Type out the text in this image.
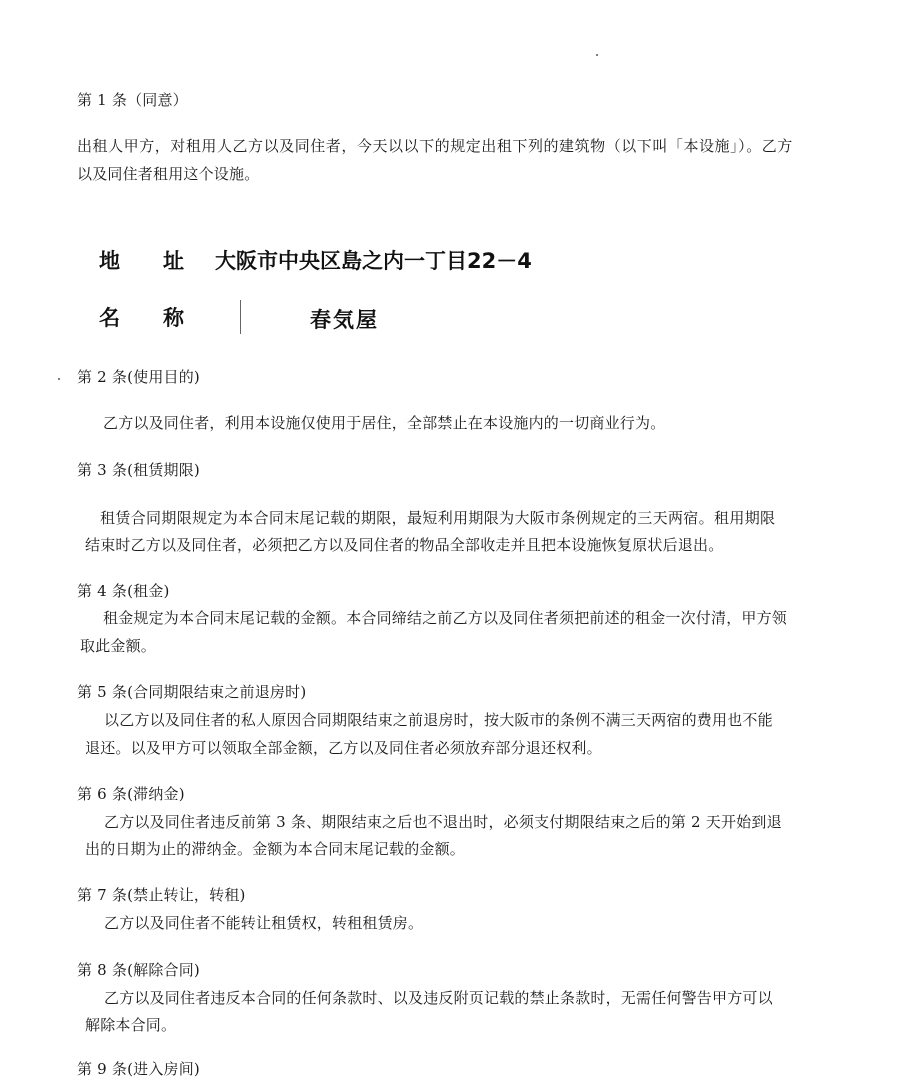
第 1 条（同意）
出租人甲方，对租用人乙方以及同住者，今天以以下的规定出租下列的建筑物（以下叫「本设施」）。乙方
以及同住者租用这个设施。
地 址 大阪市中央区島之内一丁目22－4
名 称	春気屋
第 2 条(使用目的)
乙方以及同住者，利用本设施仅使用于居住，全部禁止在本设施内的一切商业行为。
第 3 条(租赁期限)
租赁合同期限规定为本合同末尾记载的期限，最短利用期限为大阪市条例规定的三天两宿。租用期限
结束时乙方以及同住者，必须把乙方以及同住者的物品全部收走并且把本设施恢复原状后退出。
第 4 条(租金)
租金规定为本合同末尾记载的金额。本合同缔结之前乙方以及同住者须把前述的租金一次付清，甲方领
取此金额。
第 5 条(合同期限结束之前退房时)
以乙方以及同住者的私人原因合同期限结束之前退房时，按大阪市的条例不满三天两宿的费用也不能
退还。以及甲方可以领取全部金额，乙方以及同住者必须放弃部分退还权利。
第 6 条(滞纳金)
乙方以及同住者违反前第 3 条、期限结束之后也不退出时，必须支付期限结束之后的第 2 天开始到退
出的日期为止的滞纳金。金额为本合同末尾记载的金额。
第 7 条(禁止转让，转租)
乙方以及同住者不能转让租赁权，转租租赁房。
第 8 条(解除合同)
乙方以及同住者违反本合同的任何条款时、以及违反附页记载的禁止条款时，无需任何警告甲方可以
解除本合同。
第 9 条(进入房间)
